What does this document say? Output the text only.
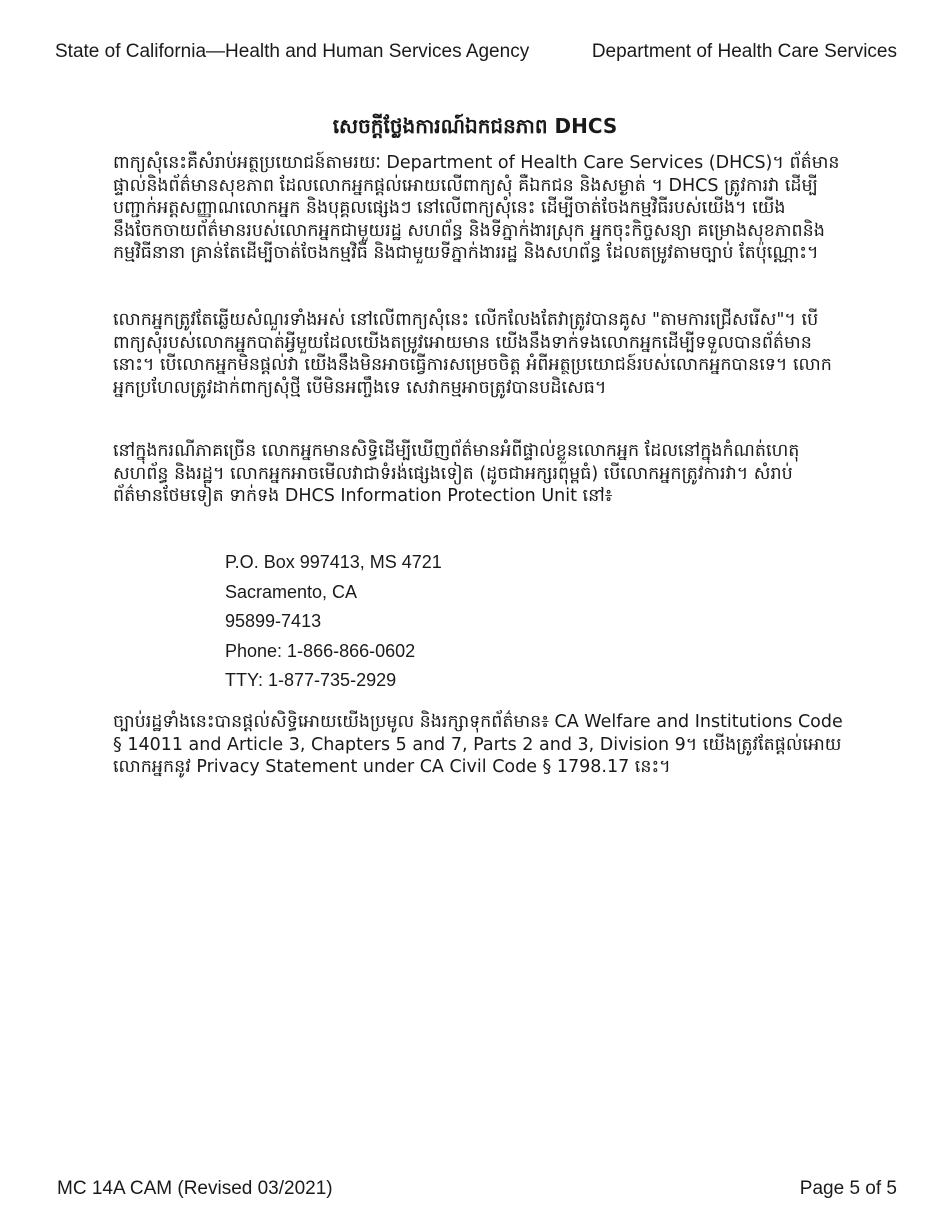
State of California—Health and Human Services Agency	Department of Health Care Services
សេចក្តីថ្លែងការណ៍ឯកជនភាព DHCS

ពាក្យសុំនេះគឺសំរាប់អត្ថប្រយោជន៍តាមរយៈ Department of Health Care Services (DHCS)។ ព័ត៌មានផ្ទាល់និងព័ត៌មានសុខភាព ដែលលោកអ្នកផ្តល់អោយលើពាក្យសុំ គឺឯកជន និងសម្ងាត់ ។ DHCS ត្រូវការវា ដើម្បីបញ្ជាក់អត្តសញ្ញាណលោកអ្នក និងបុគ្គលផ្សេងៗ នៅលើពាក្យសុំនេះ ដើម្បីចាត់ចែងកម្មវិធីរបស់យើង។ យើងនឹងចែកចាយព័ត៌មានរបស់លោកអ្នកជាមួយរដ្ឋ សហព័ន្ធ និងទីភ្នាក់ងារស្រុក អ្នកចុះកិច្ចសន្យា គម្រោងសុខភាពនិងកម្មវិធីនានា គ្រាន់តែដើម្បីចាត់ចែងកម្មវិធី និងជាមួយទីភ្នាក់ងាររដ្ឋ និងសហព័ន្ធ ដែលតម្រូវតាមច្បាប់ តែប៉ុណ្ណោះ។

លោកអ្នកត្រូវតែឆ្លើយសំណួរទាំងអស់ នៅលើពាក្យសុំនេះ លើកលែងតែវាត្រូវបានគូស "តាមការជ្រើសរើស"។ បើពាក្យសុំរបស់លោកអ្នកបាត់អ្វីមួយដែលយើងតម្រូវអោយមាន យើងនឹងទាក់ទងលោកអ្នកដើម្បីទទួលបានព័ត៌មាននោះ។ បើលោកអ្នកមិនផ្តល់វា យើងនឹងមិនអាចធ្វើការសម្រេចចិត្ត អំពីអត្ថប្រយោជន៍របស់លោកអ្នកបានទេ។ លោកអ្នកប្រហែលត្រូវដាក់ពាក្យសុំថ្មី បើមិនអញ្ចឹងទេ សេវាកម្មអាចត្រូវបានបដិសេធ។

នៅក្នុងករណីភាគច្រើន លោកអ្នកមានសិទ្ធិដើម្បីឃើញព័ត៌មានអំពីផ្ទាល់ខ្លួនលោកអ្នក ដែលនៅក្នុងកំណត់ហេតុ សហព័ន្ធ និងរដ្ឋ។ លោកអ្នកអាចមើលវាជាទំរង់ផ្សេងទៀត (ដូចជាអក្សរពុម្ពធំ) បើលោកអ្នកត្រូវការវា។ សំរាប់ព័ត៌មានថែមទៀត ទាក់ទង DHCS Information Protection Unit នៅ៖

P.O. Box 997413, MS 4721
Sacramento, CA
95899-7413
Phone: 1-866-866-0602
TTY: 1-877-735-2929

ច្បាប់រដ្ឋទាំងនេះបានផ្តល់សិទ្ធិអោយយើងប្រមូល និងរក្សាទុកព័ត៌មាន៖ CA Welfare and Institutions Code § 14011 and Article 3, Chapters 5 and 7, Parts 2 and 3, Division 9។ យើងត្រូវតែផ្តល់អោយលោកអ្នកនូវ Privacy Statement under CA Civil Code § 1798.17 នេះ។

MC 14A CAM (Revised 03/2021)	Page 5 of 5
